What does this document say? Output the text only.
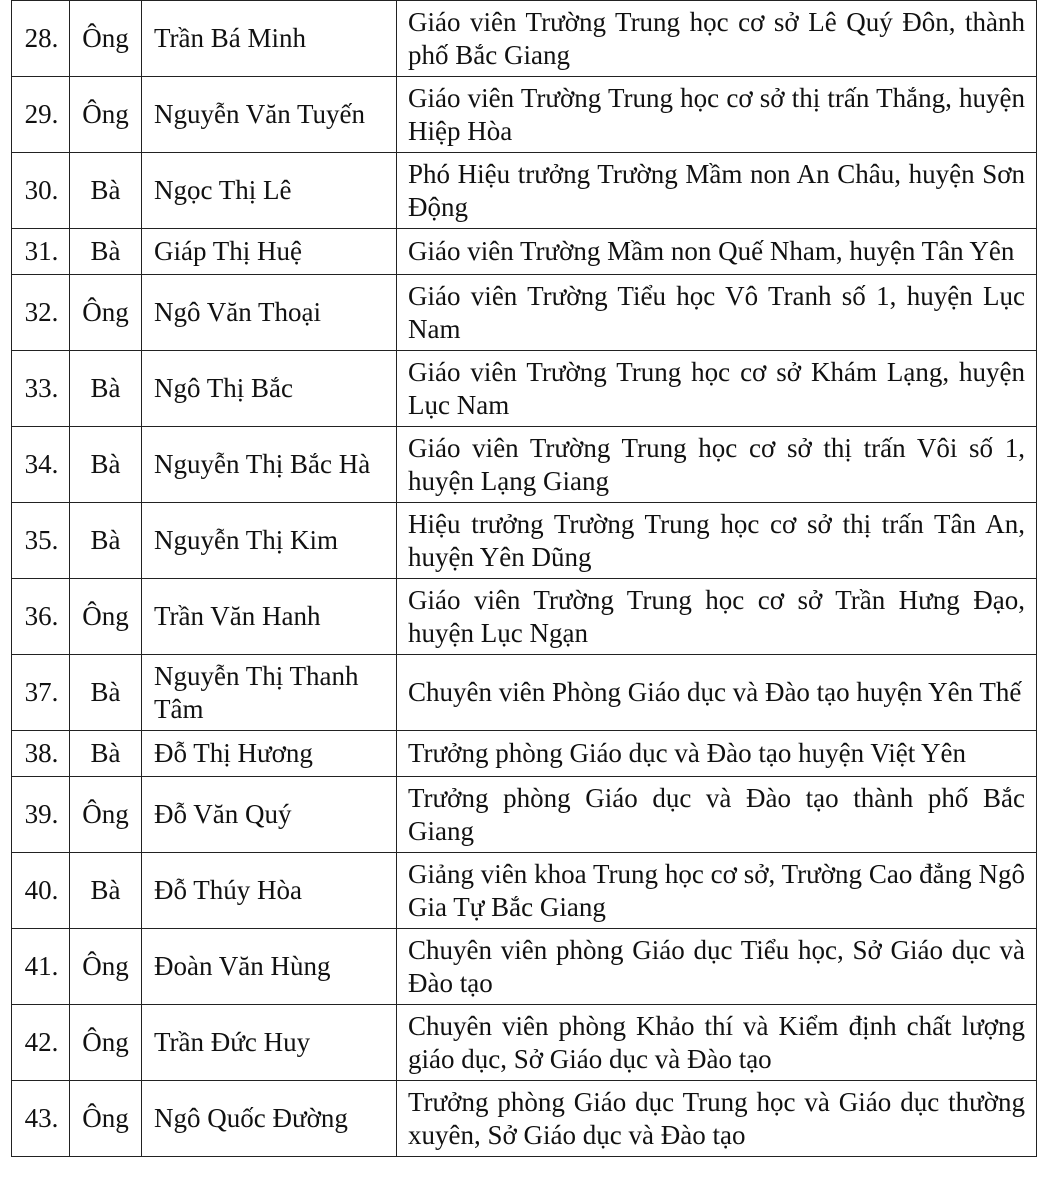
28.	Ông	Trần Bá Minh	Giáo viên Trường Trung học cơ sở Lê Quý Đôn, thành phố Bắc Giang
29.	Ông	Nguyễn Văn Tuyến	Giáo viên Trường Trung học cơ sở thị trấn Thắng, huyện Hiệp Hòa
30.	Bà	Ngọc Thị Lê	Phó Hiệu trưởng Trường Mầm non An Châu, huyện Sơn Động
31.	Bà	Giáp Thị Huệ	Giáo viên Trường Mầm non Quế Nham, huyện Tân Yên
32.	Ông	Ngô Văn Thoại	Giáo viên Trường Tiểu học Vô Tranh số 1, huyện Lục Nam
33.	Bà	Ngô Thị Bắc	Giáo viên Trường Trung học cơ sở Khám Lạng, huyện Lục Nam
34.	Bà	Nguyễn Thị Bắc Hà	Giáo viên Trường Trung học cơ sở thị trấn Vôi số 1, huyện Lạng Giang
35.	Bà	Nguyễn Thị Kim	Hiệu trưởng Trường Trung học cơ sở thị trấn Tân An, huyện Yên Dũng
36.	Ông	Trần Văn Hanh	Giáo viên Trường Trung học cơ sở Trần Hưng Đạo, huyện Lục Ngạn
37.	Bà	Nguyễn Thị Thanh Tâm	Chuyên viên Phòng Giáo dục và Đào tạo huyện Yên Thế
38.	Bà	Đỗ Thị Hương	Trưởng phòng Giáo dục và Đào tạo huyện Việt Yên
39.	Ông	Đỗ Văn Quý	Trưởng phòng Giáo dục và Đào tạo thành phố Bắc Giang
40.	Bà	Đỗ Thúy Hòa	Giảng viên khoa Trung học cơ sở, Trường Cao đẳng Ngô Gia Tự Bắc Giang
41.	Ông	Đoàn Văn Hùng	Chuyên viên phòng Giáo dục Tiểu học, Sở Giáo dục và Đào tạo
42.	Ông	Trần Đức Huy	Chuyên viên phòng Khảo thí và Kiểm định chất lượng giáo dục, Sở Giáo dục và Đào tạo
43.	Ông	Ngô Quốc Đường	Trưởng phòng Giáo dục Trung học và Giáo dục thường xuyên, Sở Giáo dục và Đào tạo
